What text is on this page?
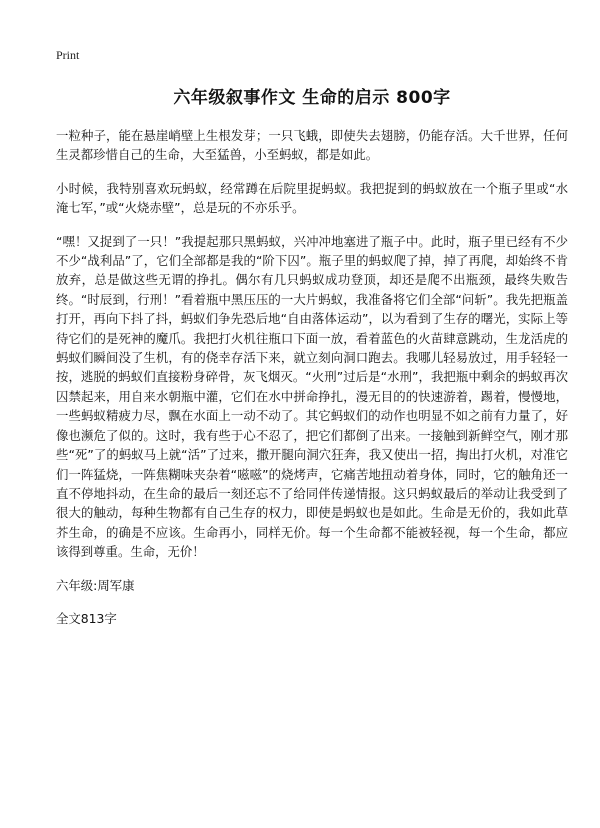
Print
六年级叙事作文 生命的启示 800字

一粒种子，能在悬崖峭壁上生根发芽；一只飞蛾，即使失去翅膀，仍能存活。大千世界，任何生灵都珍惜自己的生命，大至猛兽，小至蚂蚁，都是如此。

小时候，我特别喜欢玩蚂蚁，经常蹲在后院里捉蚂蚁。我把捉到的蚂蚁放在一个瓶子里或“水淹七军，”或“火烧赤壁”，总是玩的不亦乐乎。

“嘿！又捉到了一只！”我提起那只黑蚂蚁，兴冲冲地塞进了瓶子中。此时，瓶子里已经有不少不少“战利品”了，它们全部都是我的“阶下囚”。瓶子里的蚂蚁爬了掉，掉了再爬，却始终不肯放弃，总是做这些无谓的挣扎。偶尔有几只蚂蚁成功登顶，却还是爬不出瓶颈，最终失败告终。“时辰到，行刑！”看着瓶中黑压压的一大片蚂蚁，我准备将它们全部“问斩”。我先把瓶盖打开，再向下抖了抖，蚂蚁们争先恐后地“自由落体运动”，以为看到了生存的曙光，实际上等待它们的是死神的魔爪。我把打火机往瓶口下面一放，看着蓝色的火苗肆意跳动，生龙活虎的蚂蚁们瞬间没了生机，有的侥幸存活下来，就立刻向洞口跑去。我哪儿轻易放过，用手轻轻一按，逃脱的蚂蚁们直接粉身碎骨，灰飞烟灭。“火刑”过后是“水刑”，我把瓶中剩余的蚂蚁再次囚禁起来，用自来水朝瓶中灌，它们在水中拼命挣扎，漫无目的的快速游着，踢着，慢慢地，一些蚂蚁精疲力尽，飘在水面上一动不动了。其它蚂蚁们的动作也明显不如之前有力量了，好像也濒危了似的。这时，我有些于心不忍了，把它们都倒了出来。一接触到新鲜空气，刚才那些“死”了的蚂蚁马上就“活”了过来，撒开腿向洞穴狂奔，我又使出一招，掏出打火机，对准它们一阵猛烧，一阵焦糊味夹杂着“嗞嗞”的烧烤声，它痛苦地扭动着身体，同时，它的触角还一直不停地抖动，在生命的最后一刻还忘不了给同伴传递情报。这只蚂蚁最后的举动让我受到了很大的触动，每种生物都有自己生存的权力，即使是蚂蚁也是如此。生命是无价的，我如此草芥生命，的确是不应该。生命再小，同样无价。每一个生命都不能被轻视，每一个生命，都应该得到尊重。生命，无价！

六年级:周军康

全文813字
